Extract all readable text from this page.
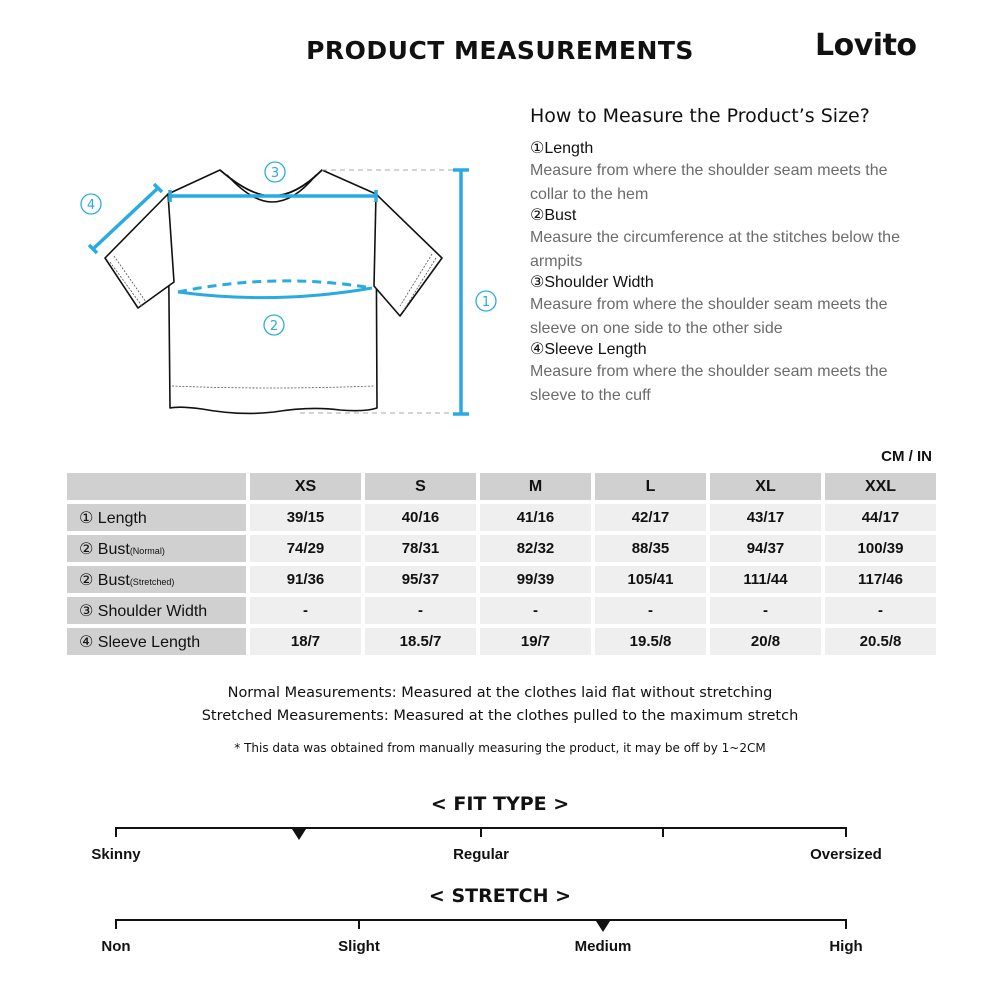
PRODUCT MEASUREMENTS	Lovito
1
2
3
4
How to Measure the Product’s Size?
①Length
Measure from where the shoulder seam meets the collar to the hem
②Bust
Measure the circumference at the stitches below the armpits
③Shoulder Width
Measure from where the shoulder seam meets the sleeve on one side to the other side
④Sleeve Length
Measure from where the shoulder seam meets the sleeve to the cuff
CM / IN
	XS	S	M	L	XL	XXL
① Length	39/15	40/16	41/16	42/17	43/17	44/17
② Bust(Normal)	74/29	78/31	82/32	88/35	94/37	100/39
② Bust(Stretched)	91/36	95/37	99/39	105/41	111/44	117/46
③ Shoulder Width	-	-	-	-	-	-
④ Sleeve Length	18/7	18.5/7	19/7	19.5/8	20/8	20.5/8
Normal Measurements: Measured at the clothes laid flat without stretching
Stretched Measurements: Measured at the clothes pulled to the maximum stretch
* This data was obtained from manually measuring the product, it may be off by 1~2CM
< FIT TYPE >
Skinny	Regular	Oversized
< STRETCH >
Non	Slight	Medium	High
